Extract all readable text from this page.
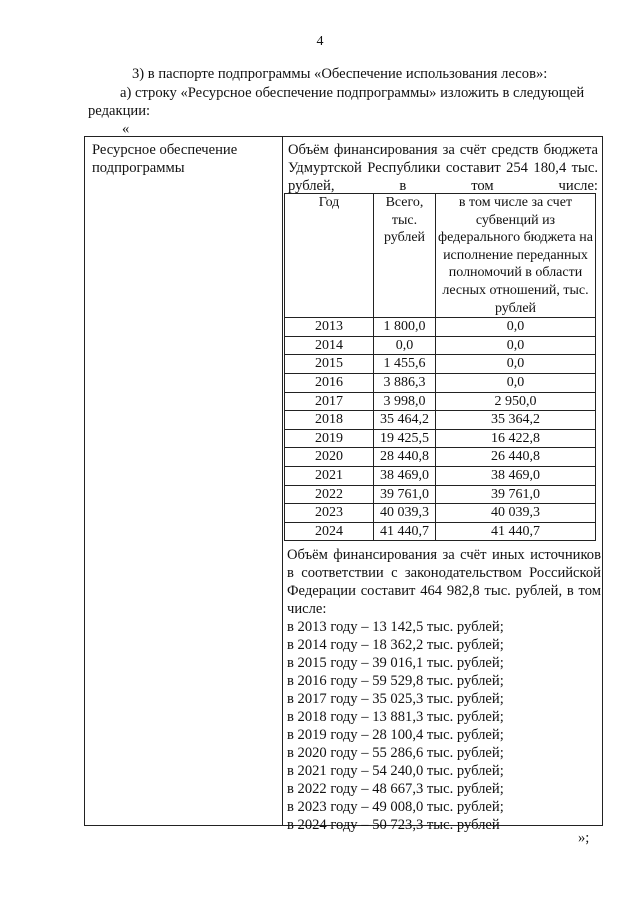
4
3) в паспорте подпрограммы «Обеспечение использования лесов»:
а) строку «Ресурсное обеспечение подпрограммы» изложить в следующей
редакции:
«
Ресурсное обеспечение подпрограммы
Объём финансирования за счёт средств бюджета Удмуртской Республики составит 254 180,4 тыс. рублей, в том числе:
Год	Всего, тыс. рублей	в том числе за счет субвенций из федерального бюджета на исполнение переданных полномочий в области лесных отношений, тыс. рублей
2013	1 800,0	0,0
2014	0,0	0,0
2015	1 455,6	0,0
2016	3 886,3	0,0
2017	3 998,0	2 950,0
2018	35 464,2	35 364,2
2019	19 425,5	16 422,8
2020	28 440,8	26 440,8
2021	38 469,0	38 469,0
2022	39 761,0	39 761,0
2023	40 039,3	40 039,3
2024	41 440,7	41 440,7
Объём финансирования за счёт иных источников в соответствии с законодательством Российской Федерации составит 464 982,8 тыс. рублей, в том числе:
в 2013 году – 13 142,5 тыс. рублей;
в 2014 году – 18 362,2 тыс. рублей;
в 2015 году – 39 016,1 тыс. рублей;
в 2016 году – 59 529,8 тыс. рублей;
в 2017 году – 35 025,3 тыс. рублей;
в 2018 году – 13 881,3 тыс. рублей;
в 2019 году – 28 100,4 тыс. рублей;
в 2020 году – 55 286,6 тыс. рублей;
в 2021 году – 54 240,0 тыс. рублей;
в 2022 году – 48 667,3 тыс. рублей;
в 2023 году – 49 008,0 тыс. рублей;
в 2024 году – 50 723,3 тыс. рублей
»;
